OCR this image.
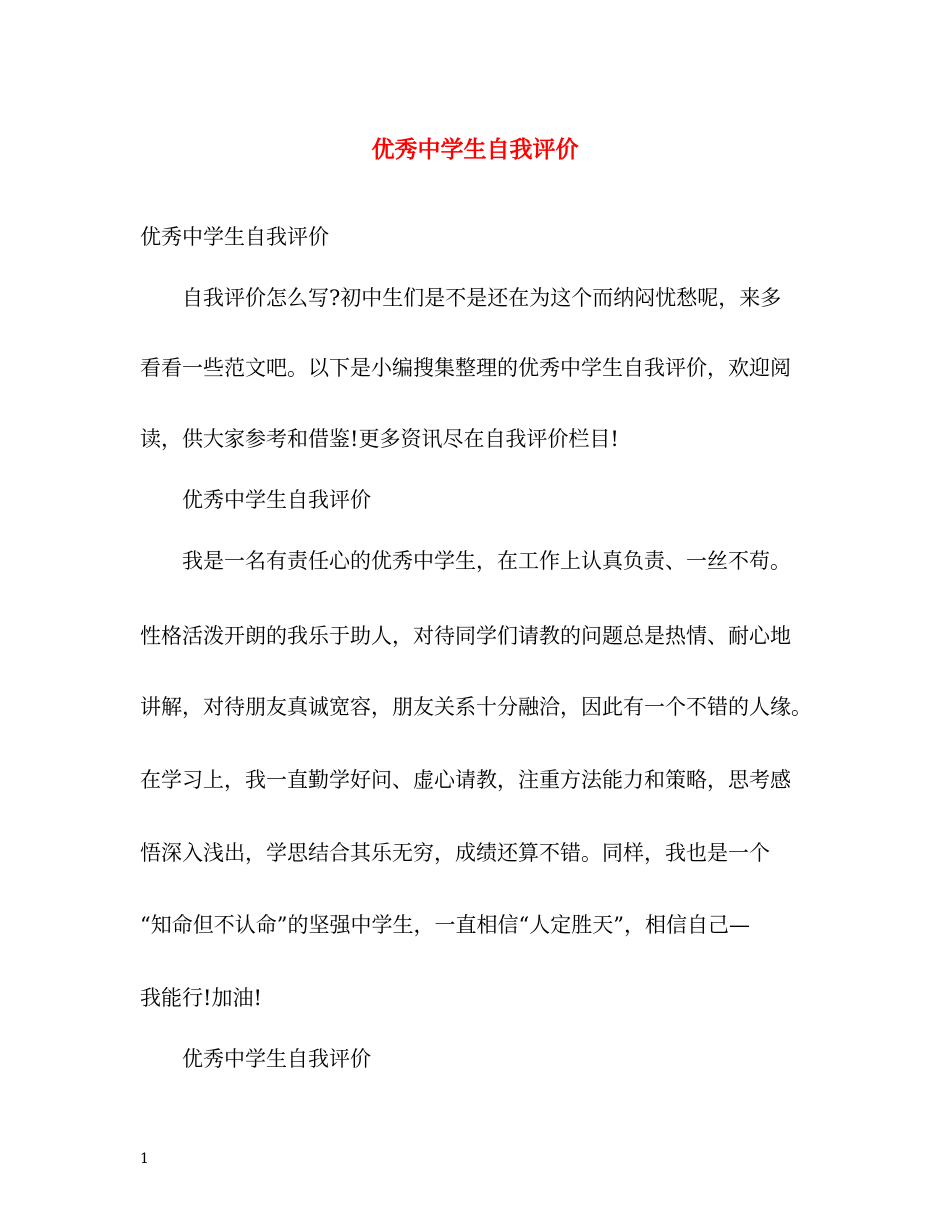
优秀中学生自我评价
优秀中学生自我评价
自我评价怎么写?初中生们是不是还在为这个而纳闷忧愁呢，来多
看看一些范文吧。以下是小编搜集整理的优秀中学生自我评价，欢迎阅
读，供大家参考和借鉴!更多资讯尽在自我评价栏目!
优秀中学生自我评价
我是一名有责任心的优秀中学生，在工作上认真负责、一丝不苟。
性格活泼开朗的我乐于助人，对待同学们请教的问题总是热情、耐心地
讲解，对待朋友真诚宽容，朋友关系十分融洽，因此有一个不错的人缘。
在学习上，我一直勤学好问、虚心请教，注重方法能力和策略，思考感
悟深入浅出，学思结合其乐无穷，成绩还算不错。同样，我也是一个
“知命但不认命”的坚强中学生，一直相信“人定胜天”，相信自己—
我能行!加油!
优秀中学生自我评价
1
